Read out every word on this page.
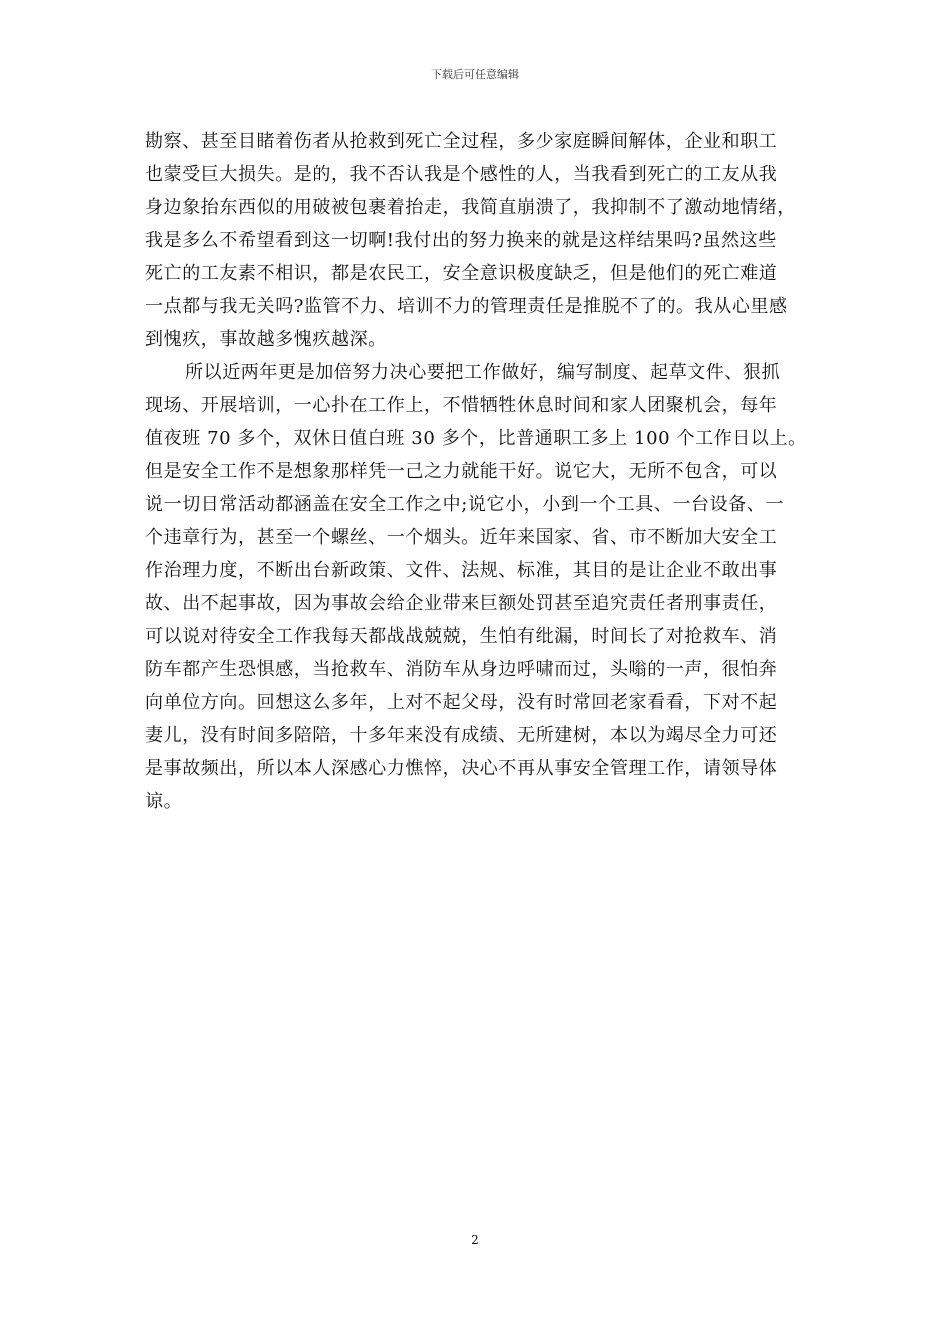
下载后可任意编辑
勘察、甚至目睹着伤者从抢救到死亡全过程，多少家庭瞬间解体，企业和职工
也蒙受巨大损失。是的，我不否认我是个感性的人，当我看到死亡的工友从我
身边象抬东西似的用破被包裹着抬走，我简直崩溃了，我抑制不了激动地情绪，
我是多么不希望看到这一切啊!我付出的努力换来的就是这样结果吗?虽然这些
死亡的工友素不相识，都是农民工，安全意识极度缺乏，但是他们的死亡难道
一点都与我无关吗?监管不力、培训不力的管理责任是推脱不了的。我从心里感
到愧疚，事故越多愧疚越深。
所以近两年更是加倍努力决心要把工作做好，编写制度、起草文件、狠抓
现场、开展培训，一心扑在工作上，不惜牺牲休息时间和家人团聚机会，每年
值夜班 70 多个，双休日值白班 30 多个，比普通职工多上 100 个工作日以上。
但是安全工作不是想象那样凭一己之力就能干好。说它大，无所不包含，可以
说一切日常活动都涵盖在安全工作之中;说它小，小到一个工具、一台设备、一
个违章行为，甚至一个螺丝、一个烟头。近年来国家、省、市不断加大安全工
作治理力度，不断出台新政策、文件、法规、标准，其目的是让企业不敢出事
故、出不起事故，因为事故会给企业带来巨额处罚甚至追究责任者刑事责任，
可以说对待安全工作我每天都战战兢兢，生怕有纰漏，时间长了对抢救车、消
防车都产生恐惧感，当抢救车、消防车从身边呼啸而过，头嗡的一声，很怕奔
向单位方向。回想这么多年，上对不起父母，没有时常回老家看看，下对不起
妻儿，没有时间多陪陪，十多年来没有成绩、无所建树，本以为竭尽全力可还
是事故频出，所以本人深感心力憔悴，决心不再从事安全管理工作，请领导体
谅。
2
